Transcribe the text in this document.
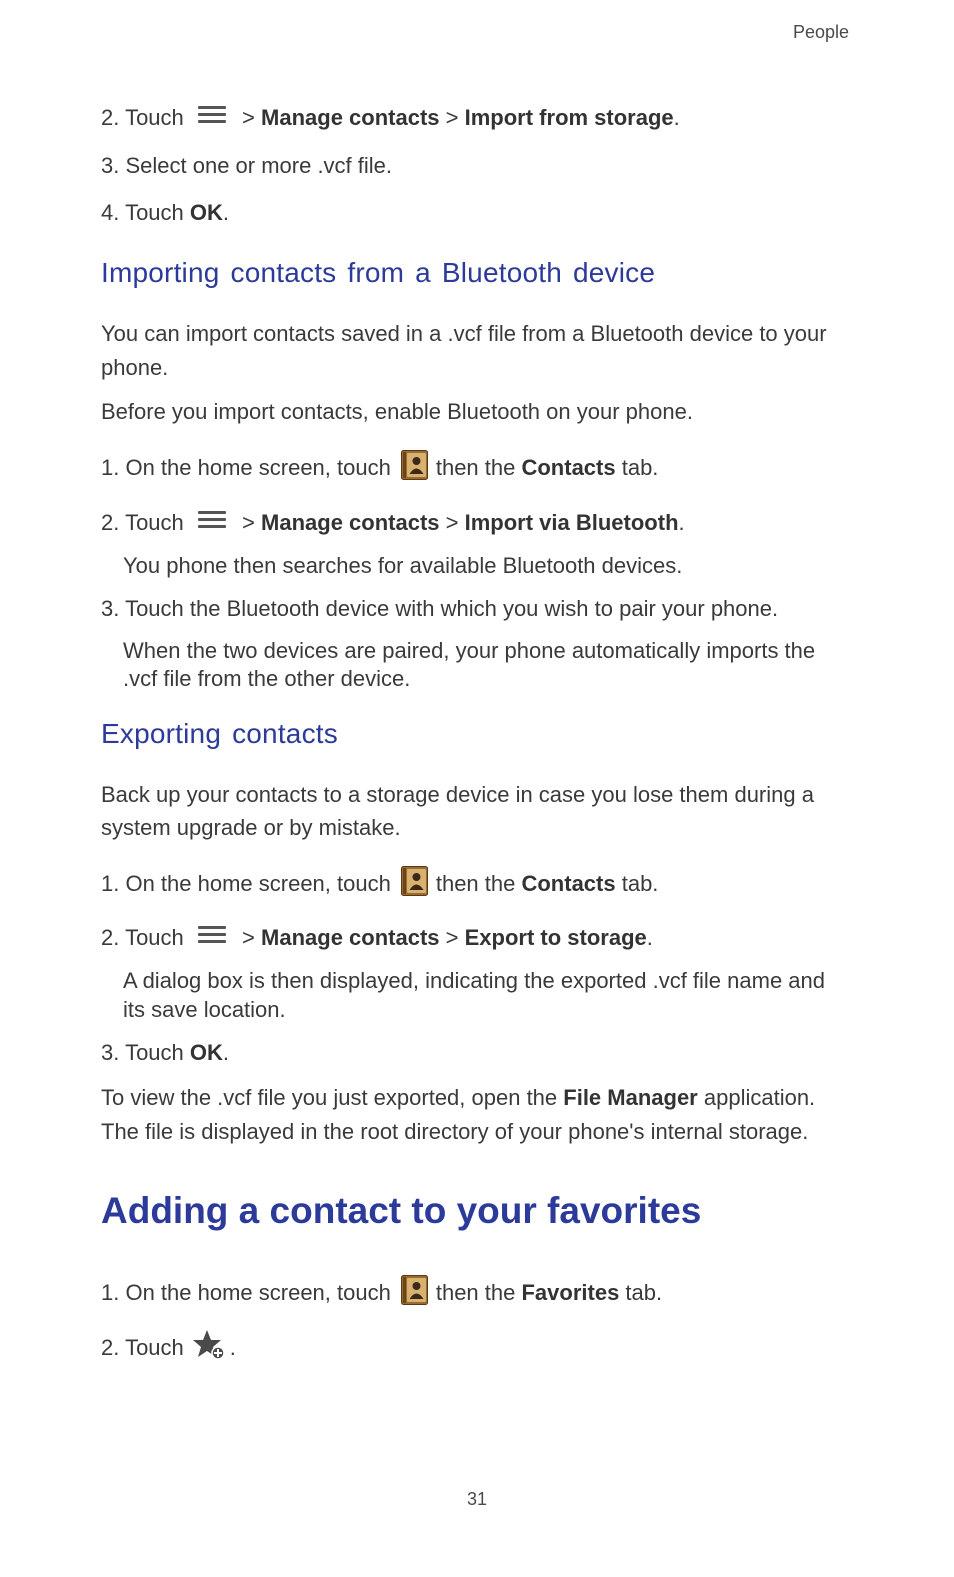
People
2. Touch	> Manage contacts > Import from storage.
3. Select one or more .vcf file.
4. Touch OK.
Importing contacts from a Bluetooth device
You can import contacts saved in a .vcf file from a Bluetooth device to your
phone.
Before you import contacts, enable Bluetooth on your phone.
1. On the home screen, touch then the Contacts tab.
2. Touch	> Manage contacts > Import via Bluetooth.
You phone then searches for available Bluetooth devices.
3. Touch the Bluetooth device with which you wish to pair your phone.
When the two devices are paired, your phone automatically imports the
.vcf file from the other device.
Exporting contacts
Back up your contacts to a storage device in case you lose them during a
system upgrade or by mistake.
1. On the home screen, touch then the Contacts tab.
2. Touch	> Manage contacts > Export to storage.
A dialog box is then displayed, indicating the exported .vcf file name and
its save location.
3. Touch OK.
To view the .vcf file you just exported, open the File Manager application.
The file is displayed in the root directory of your phone's internal storage.
Adding a contact to your favorites
1. On the home screen, touch then the Favorites tab.
2. Touch .
31
